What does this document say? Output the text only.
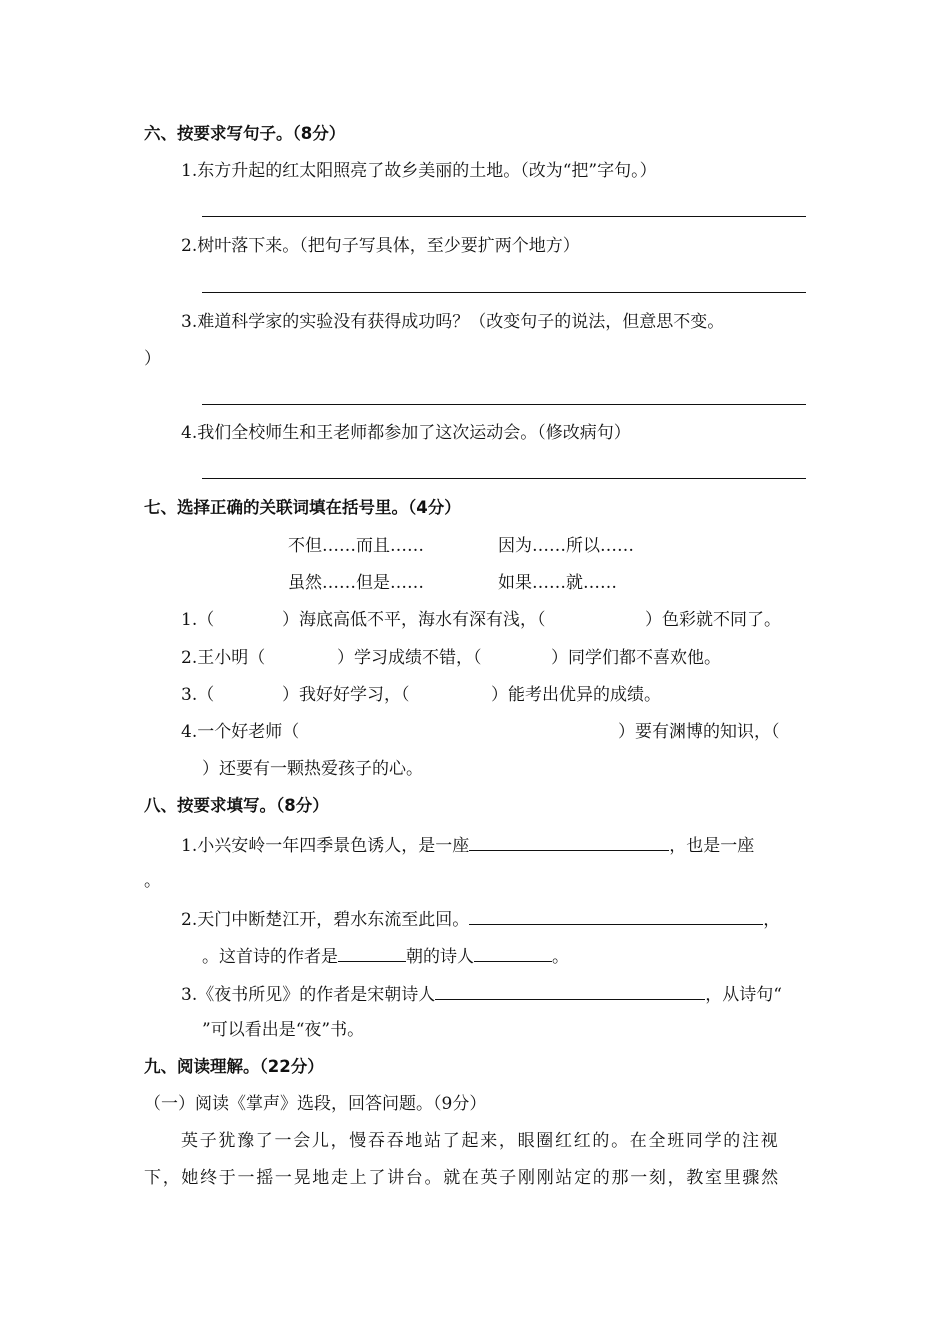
六、按要求写句子。（8分）
1.东方升起的红太阳照亮了故乡美丽的土地。（改为“把”字句。）
2.树叶落下来。（把句子写具体，至少要扩两个地方）
3.难道科学家的实验没有获得成功吗？（改变句子的说法，但意思不变。
）
4.我们全校师生和王老师都参加了这次运动会。（修改病句）
七、选择正确的关联词填在括号里。（4分）
不但……而且……	因为……所以……
虽然……但是……	如果……就……
1.（	）海底高低不平，海水有深有浅，（	）色彩就不同了。
2.王小明（	）学习成绩不错，（	）同学们都不喜欢他。
3.（	）我好好学习，（	）能考出优异的成绩。
4.一个好老师（	）要有渊博的知识，（
）还要有一颗热爱孩子的心。
八、按要求填写。（8分）
1.小兴安岭一年四季景色诱人，是一座	，也是一座
。
2.天门中断楚江开，碧水东流至此回。	，
。这首诗的作者是	朝的诗人	。
3.《夜书所见》的作者是宋朝诗人	，从诗句“
”可以看出是“夜”书。
九、阅读理解。（22分）
（一）阅读《掌声》选段，回答问题。（9分）
英子犹豫了一会儿，慢吞吞地站了起来，眼圈红红的。在全班同学的注视
下，她终于一摇一晃地走上了讲台。就在英子刚刚站定的那一刻，教室里骤然
